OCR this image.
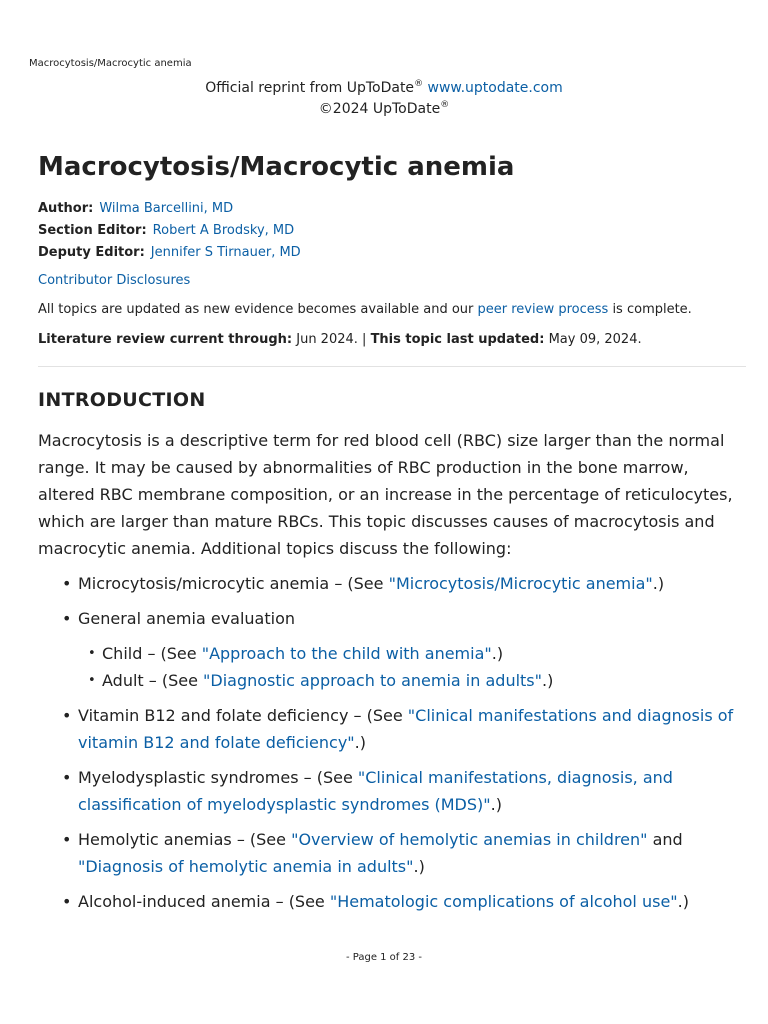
Macrocytosis/Macrocytic anemia
Official reprint from UpToDate® www.uptodate.com
©2024 UpToDate®
Macrocytosis/Macrocytic anemia
Author: Wilma Barcellini, MD
Section Editor: Robert A Brodsky, MD
Deputy Editor: Jennifer S Tirnauer, MD
Contributor Disclosures
All topics are updated as new evidence becomes available and our peer review process is complete.
Literature review current through: Jun 2024. | This topic last updated: May 09, 2024.
INTRODUCTION
Macrocytosis is a descriptive term for red blood cell (RBC) size larger than the normal range. It may be caused by abnormalities of RBC production in the bone marrow, altered RBC membrane composition, or an increase in the percentage of reticulocytes, which are larger than mature RBCs. This topic discusses causes of macrocytosis and macrocytic anemia. Additional topics discuss the following:
• Microcytosis/microcytic anemia – (See "Microcytosis/Microcytic anemia".)
• General anemia evaluation
• Child – (See "Approach to the child with anemia".)
• Adult – (See "Diagnostic approach to anemia in adults".)
• Vitamin B12 and folate deficiency – (See "Clinical manifestations and diagnosis of vitamin B12 and folate deficiency".)
• Myelodysplastic syndromes – (See "Clinical manifestations, diagnosis, and classification of myelodysplastic syndromes (MDS)".)
• Hemolytic anemias – (See "Overview of hemolytic anemias in children" and "Diagnosis of hemolytic anemia in adults".)
• Alcohol-induced anemia – (See "Hematologic complications of alcohol use".)
- Page 1 of 23 -
